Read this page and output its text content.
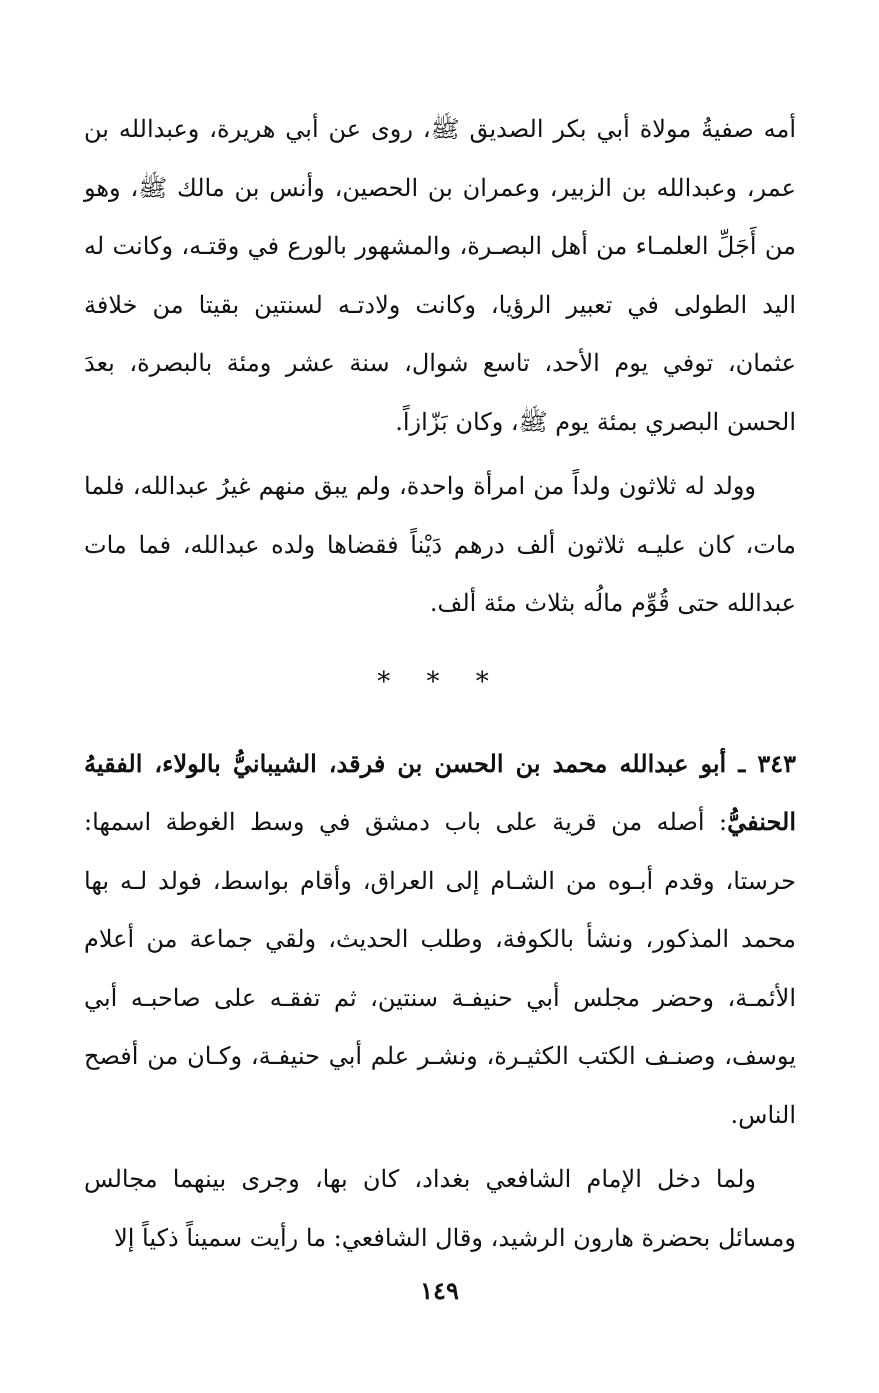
أمه صفيةُ مولاة أبي بكر الصديق ﷺ، روى عن أبي هريرة، وعبدالله بن عمر، وعبدالله بن الزبير، وعمران بن الحصين، وأنس بن مالك ﷺ، وهو من أَجَلِّ العلمـاء من أهل البصـرة، والمشهور بالورع في وقتـه، وكانت له اليد الطولى في تعبير الرؤيا، وكانت ولادتـه لسنتين بقيتا من خلافة عثمان، توفي يوم الأحد، تاسع شوال، سنة عشر ومئة بالبصرة، بعدَ الحسن البصري بمئة يوم ﷺ، وكان بَزّازاً.

وولد له ثلاثون ولداً من امرأة واحدة، ولم يبق منهم غيرُ عبدالله، فلما مات، كان عليـه ثلاثون ألف درهم دَيْناً فقضاها ولده عبدالله، فما مات عبدالله حتى قُوِّم مالُه بثلاث مئة ألف.

* * *

٣٤٣ ـ أبو عبدالله محمد بن الحسن بن فرقد، الشيبانيُّ بالولاء، الفقيهُ الحنفيُّ: أصله من قرية على باب دمشق في وسط الغوطة اسمها: حرستا، وقدم أبـوه من الشـام إلى العراق، وأقام بواسط، فولد لـه بها محمد المذكور، ونشأ بالكوفة، وطلب الحديث، ولقي جماعة من أعلام الأئمـة، وحضر مجلس أبي حنيفـة سنتين، ثم تفقـه على صاحبـه أبي يوسف، وصنـف الكتب الكثيـرة، ونشـر علم أبي حنيفـة، وكـان من أفصح الناس.

ولما دخل الإمام الشافعي بغداد، كان بها، وجرى بينهما مجالس ومسائل بحضرة هارون الرشيد، وقال الشافعي: ما رأيت سميناً ذكياً إلا

١٤٩
